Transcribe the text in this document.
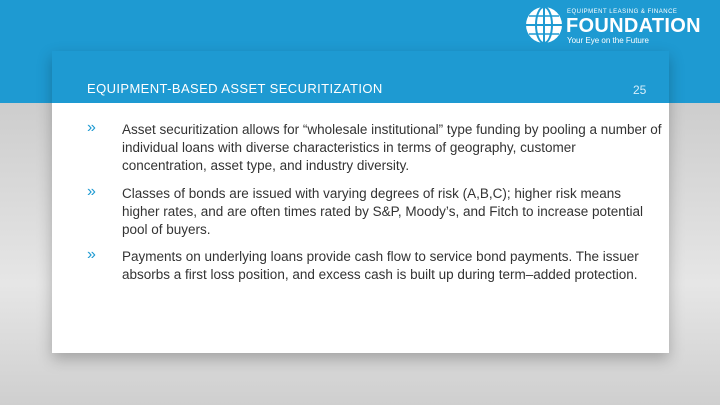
EQUIPMENT LEASING & FINANCE
FOUNDATION
Your Eye on the Future
EQUIPMENT-BASED ASSET SECURITIZATION
» Asset securitization allows for “wholesale institutional” type funding by pooling a number of individual loans with diverse characteristics in terms of geography, customer concentration, asset type, and industry diversity.
» Classes of bonds are issued with varying degrees of risk (A,B,C); higher risk means higher rates, and are often times rated by S&P, Moody’s, and Fitch to increase potential pool of buyers.
» Payments on underlying loans provide cash flow to service bond payments. The issuer absorbs a first loss position, and excess cash is built up during term–added protection.
25
